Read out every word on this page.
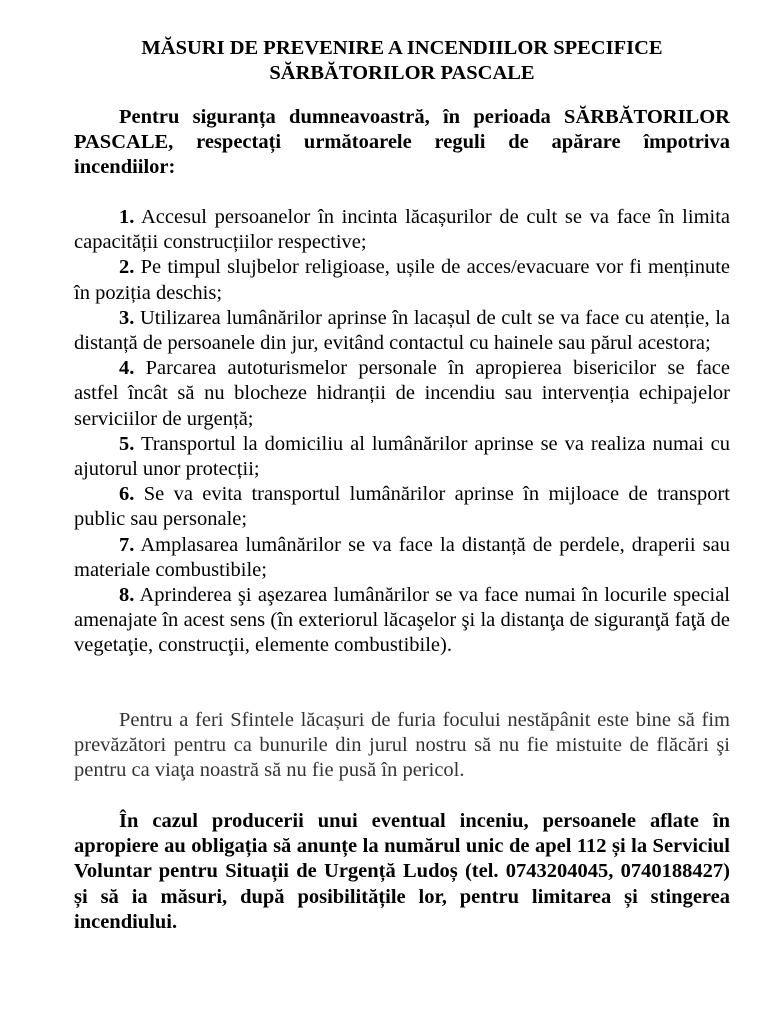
MĂSURI DE PREVENIRE A INCENDIILOR SPECIFICE
SĂRBĂTORILOR PASCALE

Pentru siguranța dumneavoastră, în perioada SĂRBĂTORILOR PASCALE, respectați următoarele reguli de apărare împotriva incendiilor:

1. Accesul persoanelor în incinta lăcașurilor de cult se va face în limita capacității construcțiilor respective;

2. Pe timpul slujbelor religioase, ușile de acces/evacuare vor fi menținute în poziția deschis;

3. Utilizarea lumânărilor aprinse în lacașul de cult se va face cu atenție, la distanță de persoanele din jur, evitând contactul cu hainele sau părul acestora;

4. Parcarea autoturismelor personale în apropierea bisericilor se face astfel încât să nu blocheze hidranții de incendiu sau intervenția echipajelor serviciilor de urgență;

5. Transportul la domiciliu al lumânărilor aprinse se va realiza numai cu ajutorul unor protecții;

6. Se va evita transportul lumânărilor aprinse în mijloace de transport public sau personale;

7. Amplasarea lumânărilor se va face la distanță de perdele, draperii sau materiale combustibile;

8. Aprinderea şi aşezarea lumânărilor se va face numai în locurile special amenajate în acest sens (în exteriorul lăcaşelor şi la distanţa de siguranţă faţă de vegetaţie, construcţii, elemente combustibile).

Pentru a feri Sfintele lăcașuri de furia focului nestăpânit este bine să fim prevăzători pentru ca bunurile din jurul nostru să nu fie mistuite de flăcări şi pentru ca viaţa noastră să nu fie pusă în pericol.

În cazul producerii unui eventual inceniu, persoanele aflate în apropiere au obligația să anunțe la numărul unic de apel 112 și la Serviciul Voluntar pentru Situații de Urgență Ludoș (tel. 0743204045, 0740188427) și să ia măsuri, după posibilitățile lor, pentru limitarea și stingerea incendiului.
